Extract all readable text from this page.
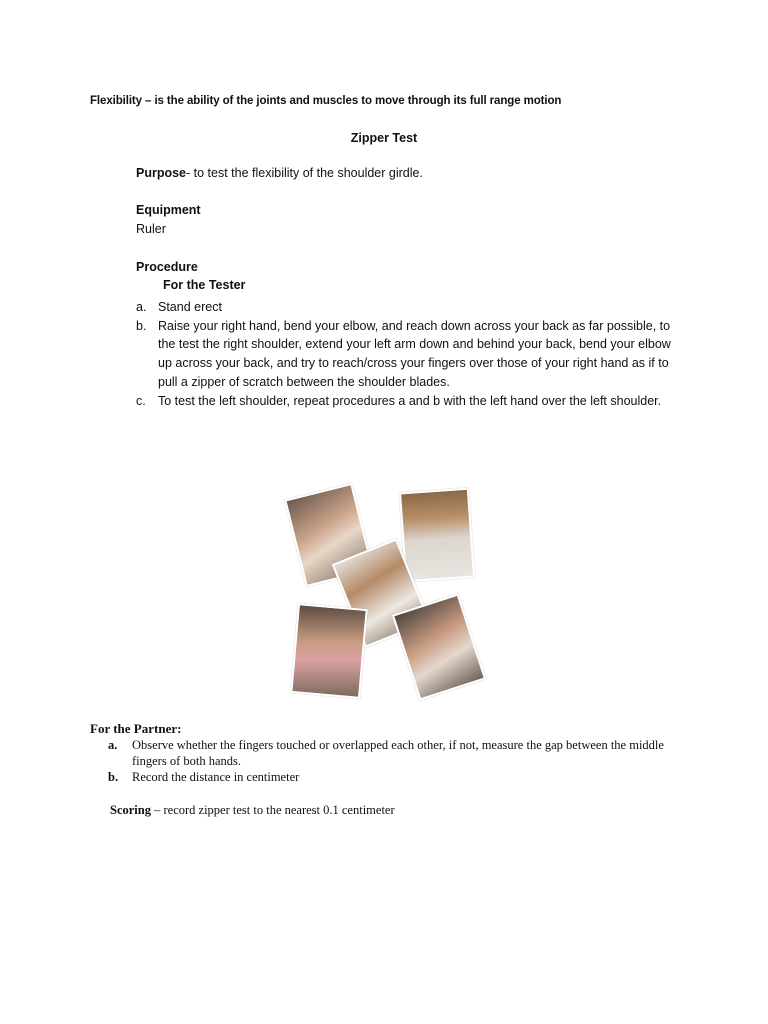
Flexibility – is the ability of the joints and muscles to move through its full range motion
Zipper Test
Purpose- to test the flexibility of the shoulder girdle.
Equipment
Ruler
Procedure
For the Tester
a. Stand erect
b. Raise your right hand, bend your elbow, and reach down across your back as far possible, to the test the right shoulder, extend your left arm down and behind your back, bend your elbow up across your back, and try to reach/cross your fingers over those of your right hand as if to pull a zipper of scratch between the shoulder blades.
c. To test the left shoulder, repeat procedures a and b with the left hand over the left shoulder.
For the Partner:
a.	Observe whether the fingers touched or overlapped each other, if not, measure the gap between the middle fingers of both hands.
b.	Record the distance in centimeter
Scoring – record zipper test to the nearest 0.1 centimeter
